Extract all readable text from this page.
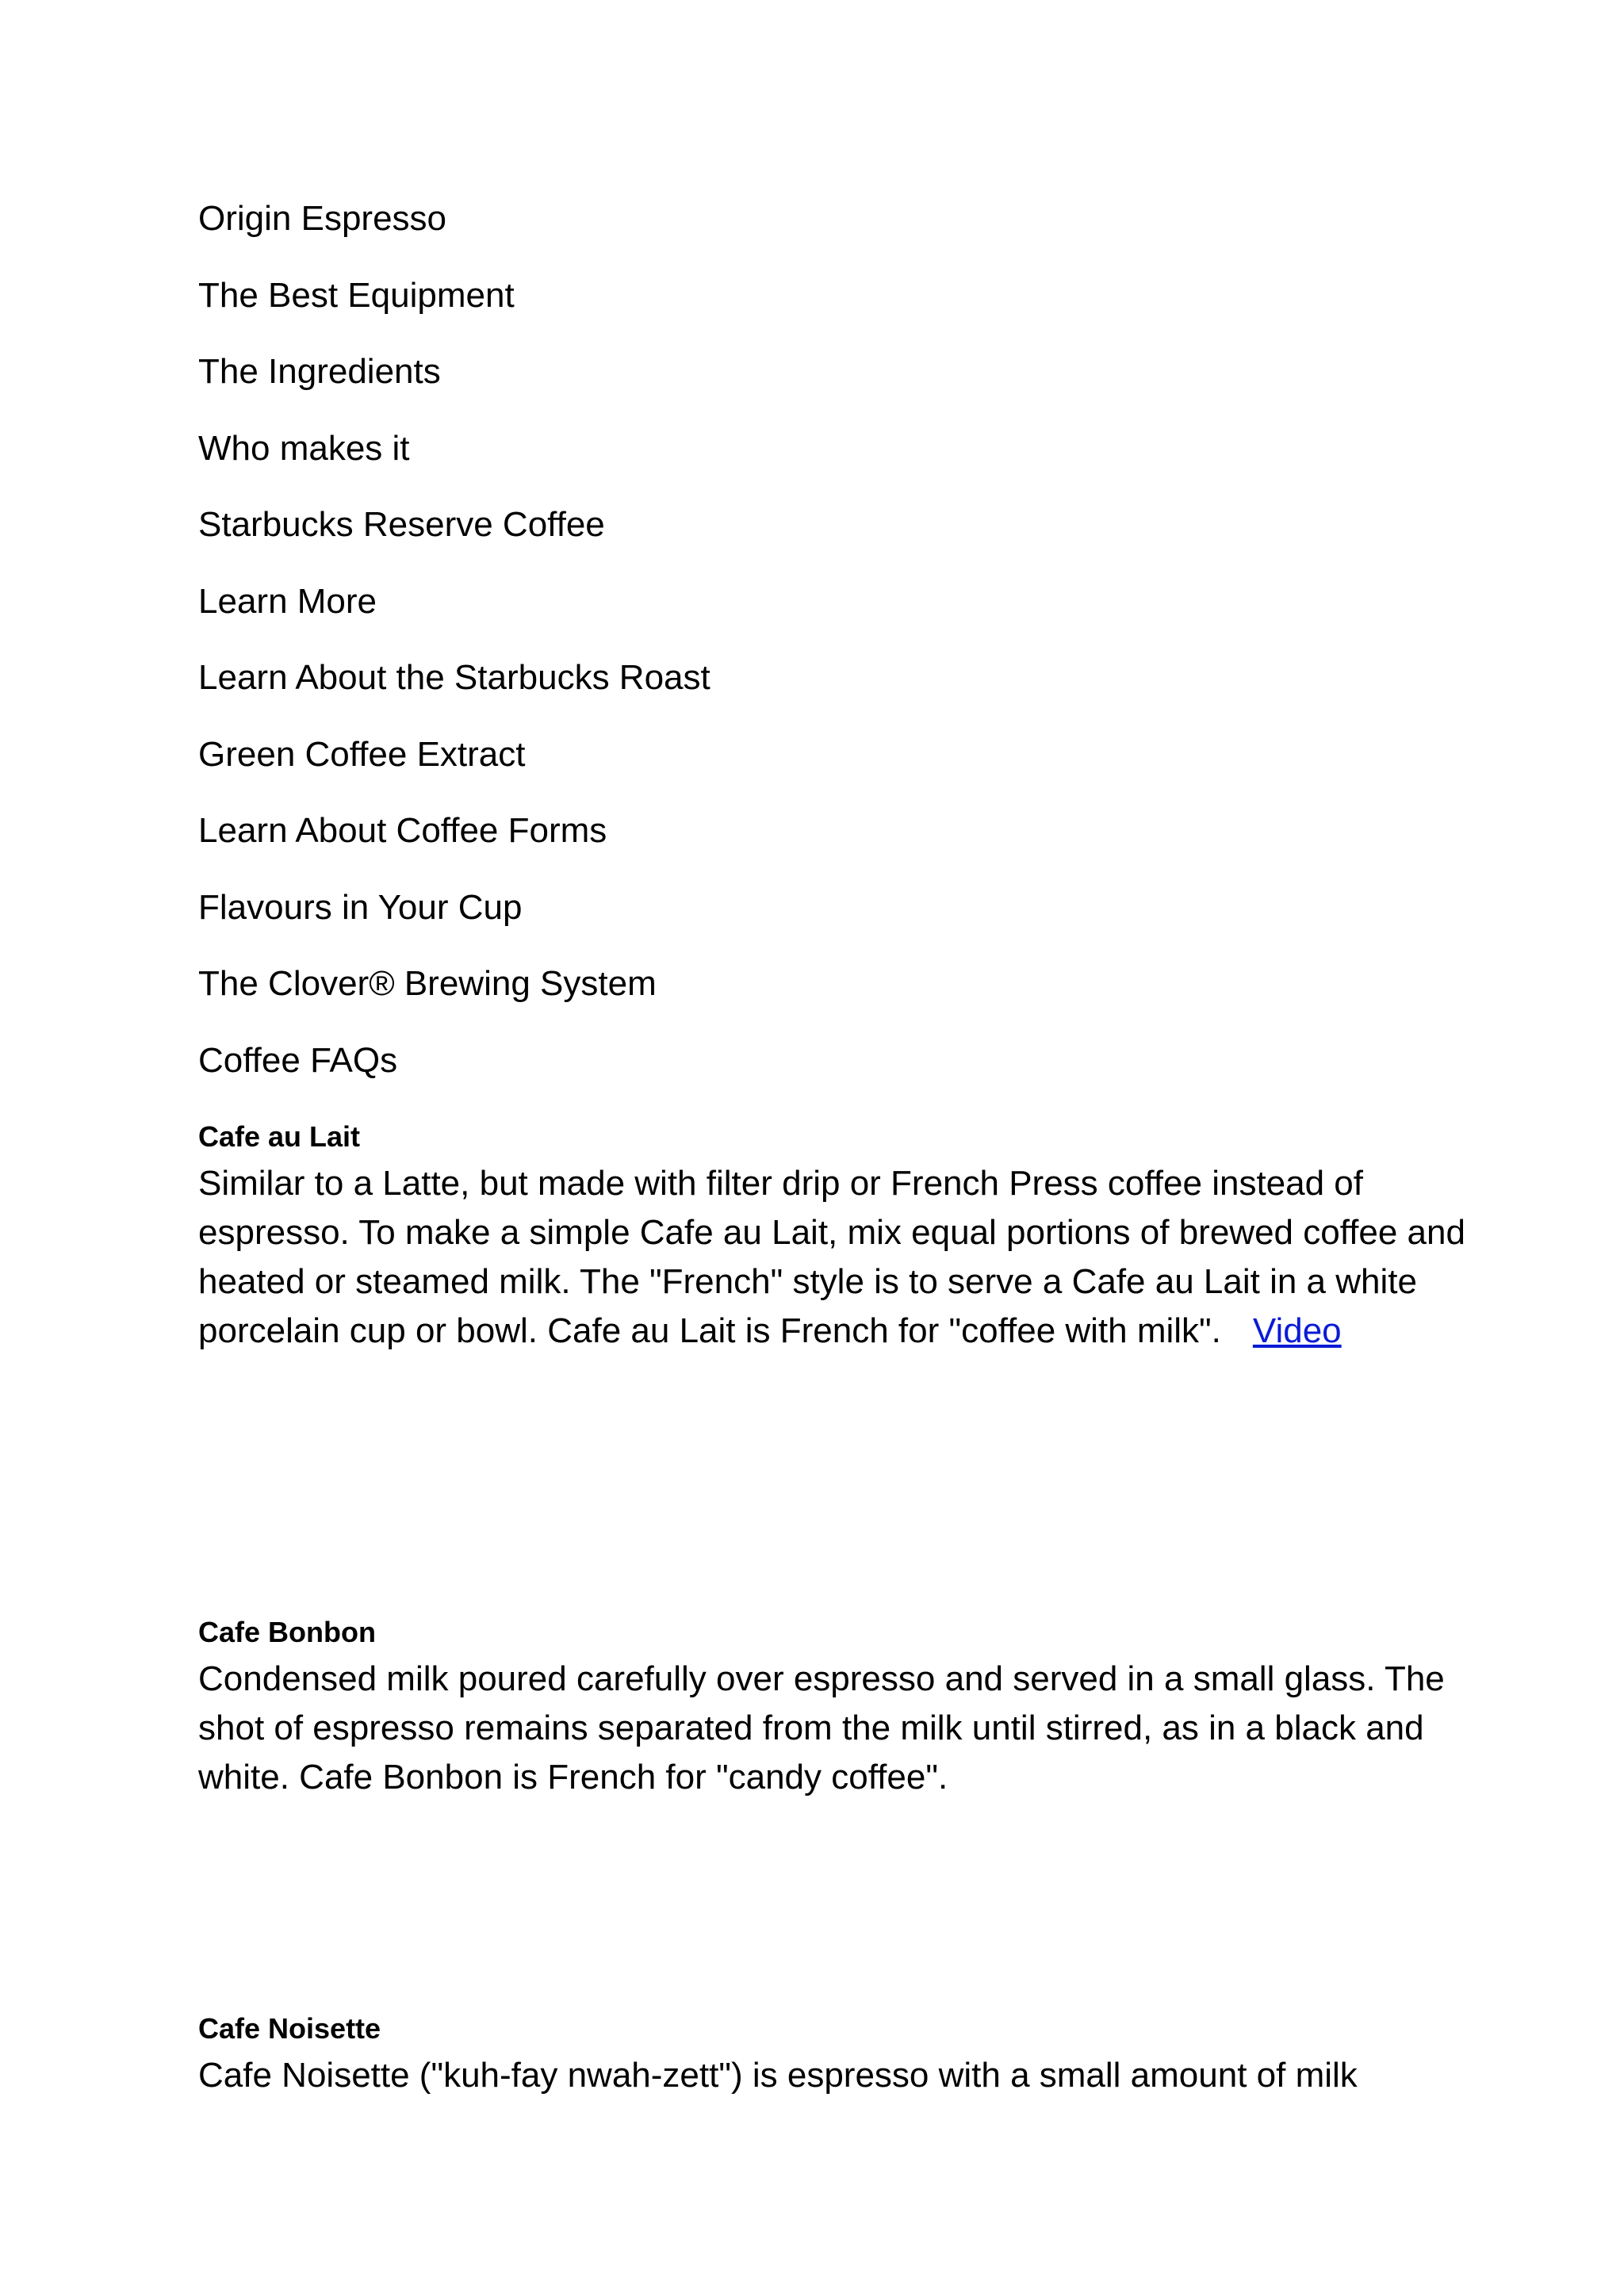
Origin Espresso
The Best Equipment
The Ingredients
Who makes it
Starbucks Reserve Coffee
Learn More
Learn About the Starbucks Roast
Green Coffee Extract
Learn About Coffee Forms
Flavours in Your Cup
The Clover® Brewing System
Coffee FAQs
Cafe au Lait

Similar to a Latte, but made with filter drip or French Press coffee instead of espresso. To make a simple Cafe au Lait, mix equal portions of brewed coffee and heated or steamed milk. The "French" style is to serve a Cafe au Lait in a white porcelain cup or bowl. Cafe au Lait is French for "coffee with milk". Video

Cafe Bonbon

Condensed milk poured carefully over espresso and served in a small glass. The shot of espresso remains separated from the milk until stirred, as in a black and white. Cafe Bonbon is French for "candy coffee".

Cafe Noisette

Cafe Noisette ("kuh-fay nwah-zett") is espresso with a small amount of milk
